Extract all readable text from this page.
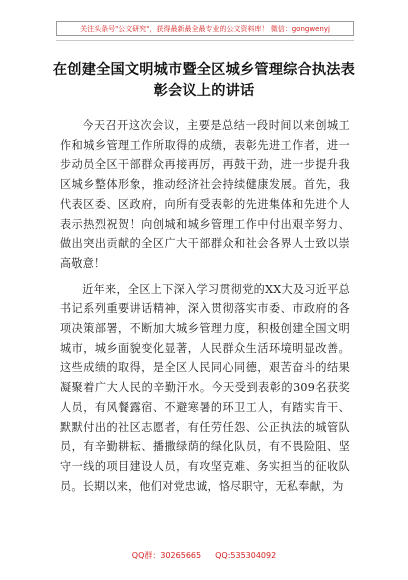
关注头条号"公文研究"，获得最新最全最专业的公文资料库！ 微信：gongwenyj
在创建全国文明城市暨全区城乡管理综合执法表彰会议上的讲话

今天召开这次会议，主要是总结一段时间以来创城工作和城乡管理工作所取得的成绩，表彰先进工作者，进一步动员全区干部群众再接再厉，再鼓干劲，进一步提升我区城乡整体形象，推动经济社会持续健康发展。首先，我代表区委、区政府，向所有受表彰的先进集体和先进个人表示热烈祝贺！向创城和城乡管理工作中付出艰辛努力、做出突出贡献的全区广大干部群众和社会各界人士致以崇高敬意！

近年来，全区上下深入学习贯彻党的XX大及习近平总书记系列重要讲话精神，深入贯彻落实市委、市政府的各项决策部署，不断加大城乡管理力度，积极创建全国文明城市，城乡面貌变化显著，人民群众生活环境明显改善。这些成绩的取得，是全区人民同心同德，艰苦奋斗的结果凝聚着广大人民的辛勤汗水。今天受到表彰的309名获奖人员，有风餐露宿、不避寒暑的环卫工人，有踏实肯干、默默付出的社区志愿者，有任劳任怨、公正执法的城管队员，有辛勤耕耘、播撒绿荫的绿化队员，有不畏险阻、坚守一线的项目建设人员，有攻坚克难、务实担当的征收队员。长期以来，他们对党忠诚，恪尽职守，无私奉献，为

QQ群：30265665 QQ:535304092
